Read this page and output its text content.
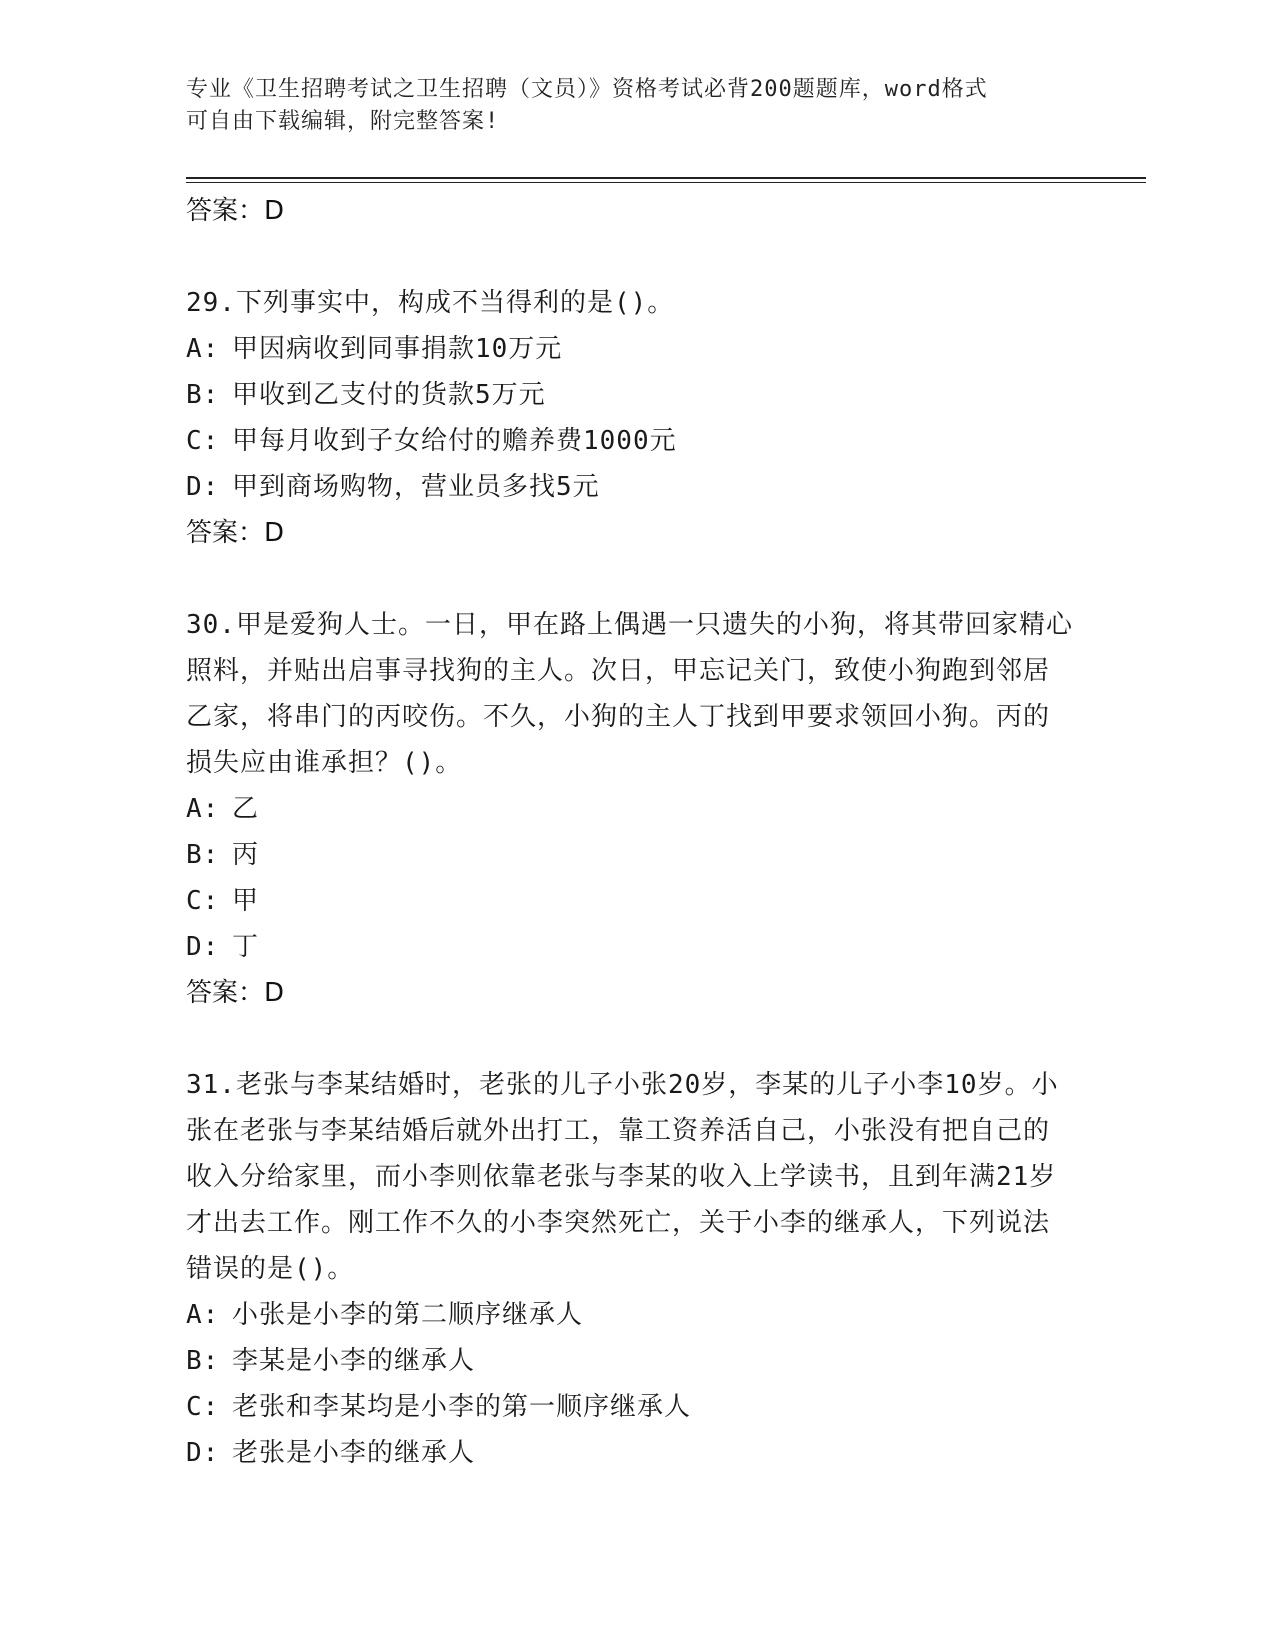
专业《卫生招聘考试之卫生招聘（文员）》资格考试必背200题题库，word格式
可自由下载编辑，附完整答案!

答案：D

29.下列事实中，构成不当得利的是()。

A: 甲因病收到同事捐款10万元

B: 甲收到乙支付的货款5万元

C: 甲每月收到子女给付的赡养费1000元

D: 甲到商场购物，营业员多找5元

答案：D

30.甲是爱狗人士。一日，甲在路上偶遇一只遗失的小狗，将其带回家精心照料，并贴出启事寻找狗的主人。次日，甲忘记关门，致使小狗跑到邻居乙家，将串门的丙咬伤。不久，小狗的主人丁找到甲要求领回小狗。丙的损失应由谁承担？()。

A: 乙

B: 丙

C: 甲

D: 丁

答案：D

31.老张与李某结婚时，老张的儿子小张20岁，李某的儿子小李10岁。小张在老张与李某结婚后就外出打工，靠工资养活自己，小张没有把自己的收入分给家里，而小李则依靠老张与李某的收入上学读书，且到年满21岁才出去工作。刚工作不久的小李突然死亡，关于小李的继承人，下列说法错误的是()。

A: 小张是小李的第二顺序继承人

B: 李某是小李的继承人

C: 老张和李某均是小李的第一顺序继承人

D: 老张是小李的继承人
